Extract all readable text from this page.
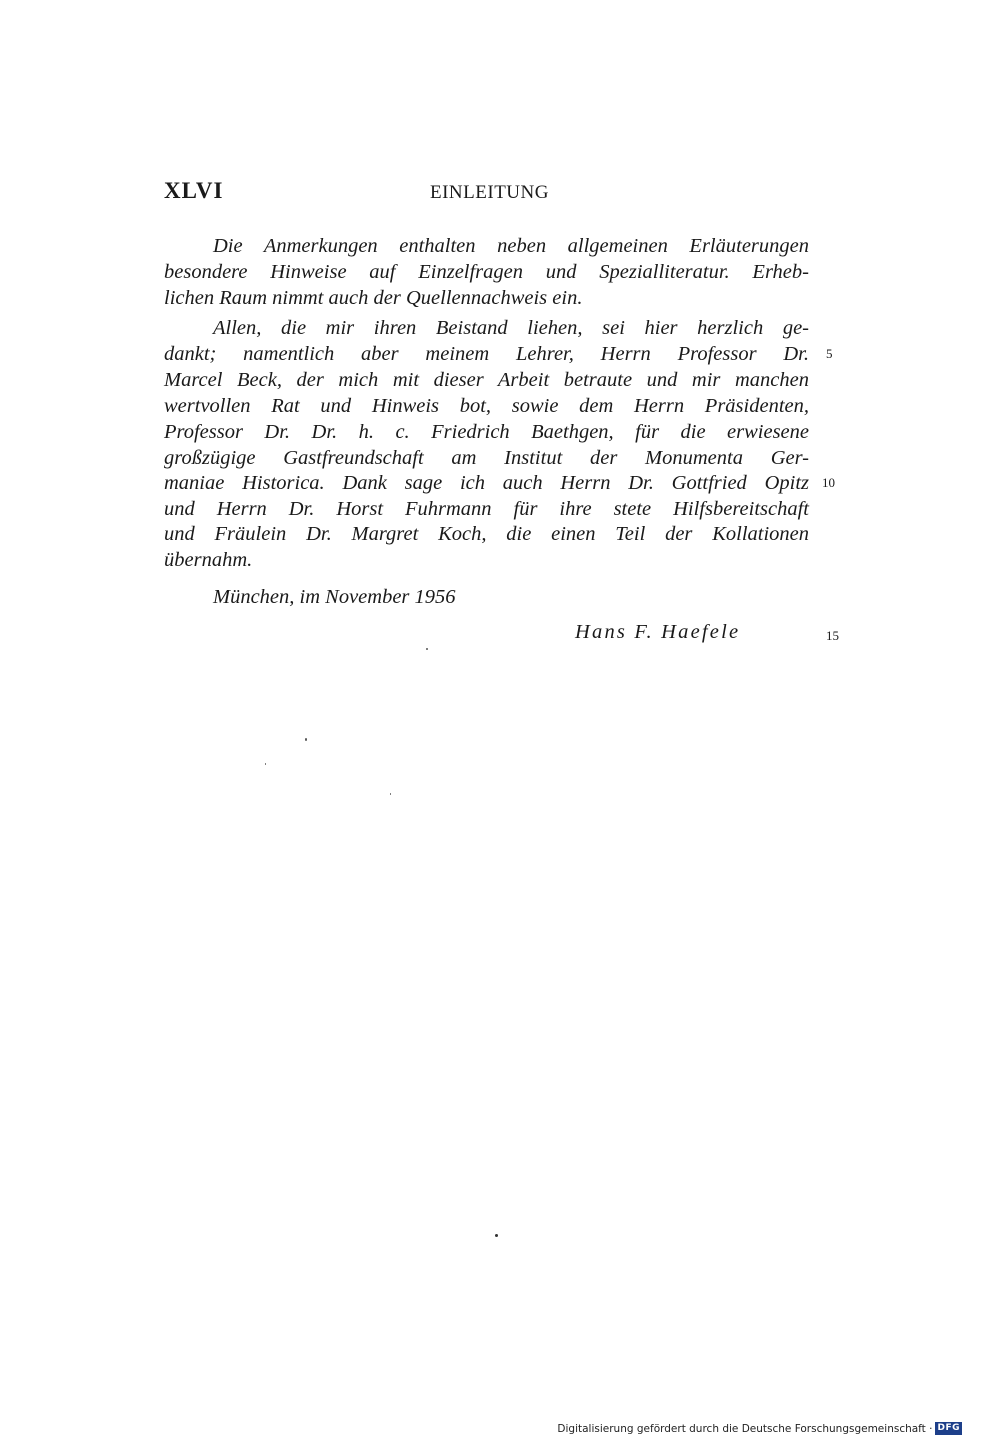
XLVI	EINLEITUNG
Die Anmerkungen enthalten neben allgemeinen Erläuterungen
besondere Hinweise auf Einzelfragen und Spezialliteratur. Erheb-
lichen Raum nimmt auch der Quellennachweis ein.
Allen, die mir ihren Beistand liehen, sei hier herzlich ge-
dankt; namentlich aber meinem Lehrer, Herrn Professor Dr.
Marcel Beck, der mich mit dieser Arbeit betraute und mir manchen
wertvollen Rat und Hinweis bot, sowie dem Herrn Präsidenten,
Professor Dr. Dr. h. c. Friedrich Baethgen, für die erwiesene
großzügige Gastfreundschaft am Institut der Monumenta Ger-
maniae Historica. Dank sage ich auch Herrn Dr. Gottfried Opitz
und Herrn Dr. Horst Fuhrmann für ihre stete Hilfsbereitschaft
und Fräulein Dr. Margret Koch, die einen Teil der Kollationen
übernahm.
5
10
15
München, im November 1956
Hans F. Haefele
Digitalisierung gefördert durch die Deutsche Forschungsgemeinschaft · DFG
